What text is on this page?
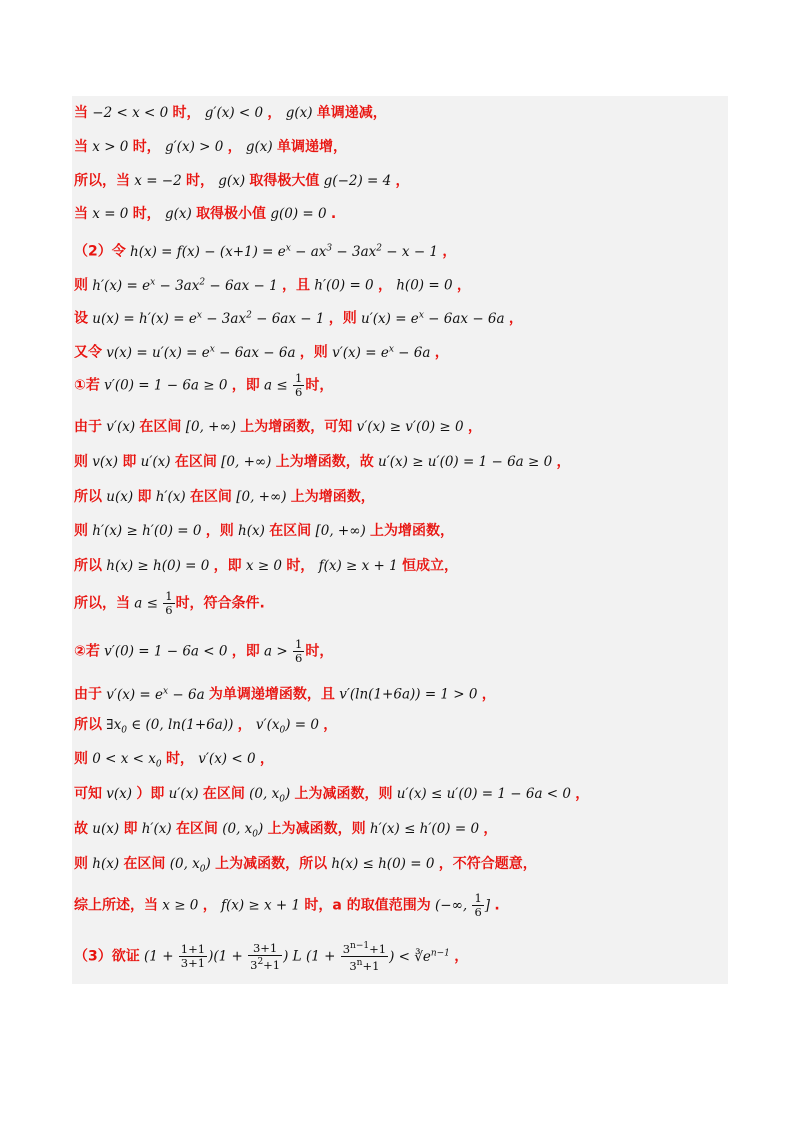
当 −2 < x < 0 时， g′(x) < 0 ， g(x) 单调递减，
当 x > 0 时， g′(x) > 0 ， g(x) 单调递增，
所以，当 x = −2 时， g(x) 取得极大值 g(−2) = 4 ，
当 x = 0 时， g(x) 取得极小值 g(0) = 0 .
（2）令 $h(x) = f(x) - (x+1) = e^x - ax^3 - 3ax^2 - x - 1$ ，
则 $h'(x) = e^x - 3ax^2 - 6ax - 1$ ，且 h′(0) = 0 ， h(0) = 0 ，
设 $u(x) = h'(x) = e^x - 3ax^2 - 6ax - 1$ ，则 $u'(x) = e^x - 6ax - 6a$ ，
又令 $v(x) = u'(x) = e^x - 6ax - 6a$ ，则 $v'(x) = e^x - 6a$ ，
①若 v′(0) = 1 − 6a ≥ 0 ，即 $a \le \frac{1}{6}$ 时，
由于 v′(x) 在区间 [0, +∞) 上为增函数，可知 v′(x) ≥ v′(0) ≥ 0 ，
则 v(x) 即 u′(x) 在区间 [0, +∞) 上为增函数，故 u′(x) ≥ u′(0) = 1 − 6a ≥ 0 ，
所以 u(x) 即 h′(x) 在区间 [0, +∞) 上为增函数，
则 h′(x) ≥ h′(0) = 0 ，则 h(x) 在区间 [0, +∞) 上为增函数，
所以 h(x) ≥ h(0) = 0 ，即 x ≥ 0 时， f(x) ≥ x + 1 恒成立，
所以，当 $a \le \frac{1}{6}$ 时，符合条件.
②若 v′(0) = 1 − 6a < 0 ，即 $a > \frac{1}{6}$ 时，
由于 $v'(x) = e^x - 6a$ 为单调递增函数，且 v′(ln(1+6a)) = 1 > 0 ，
所以 $\exists x_0$ ∈ (0, ln(1+6a)) ， $v'(x_0) = 0$ ，
则 $0 < x < x_0$ 时， v′(x) < 0 ，
可知 v(x) ）即 u′(x) 在区间 (0, $x_0$) 上为减函数，则 u′(x) ≤ u′(0) = 1 − 6a < 0 ，
故 u(x) 即 h′(x) 在区间 (0, $x_0$) 上为减函数，则 h′(x) ≤ h′(0) = 0 ，
则 h(x) 在区间 (0, $x_0$) 上为减函数，所以 h(x) ≤ h(0) = 0 ，不符合题意，
综上所述，当 x ≥ 0 ， f(x) ≥ x + 1 时，a 的取值范围为 (−∞, $\frac{1}{6}$ ] .
（3）欲证 $(1 + \frac{1+1}{3+1} )(1 + \frac{3+1}{3^2+1}$ ) L ($1 + \frac{3^{n-1}+1}{3^n+1}$ ) < $∛e^{n-1}$ ，
